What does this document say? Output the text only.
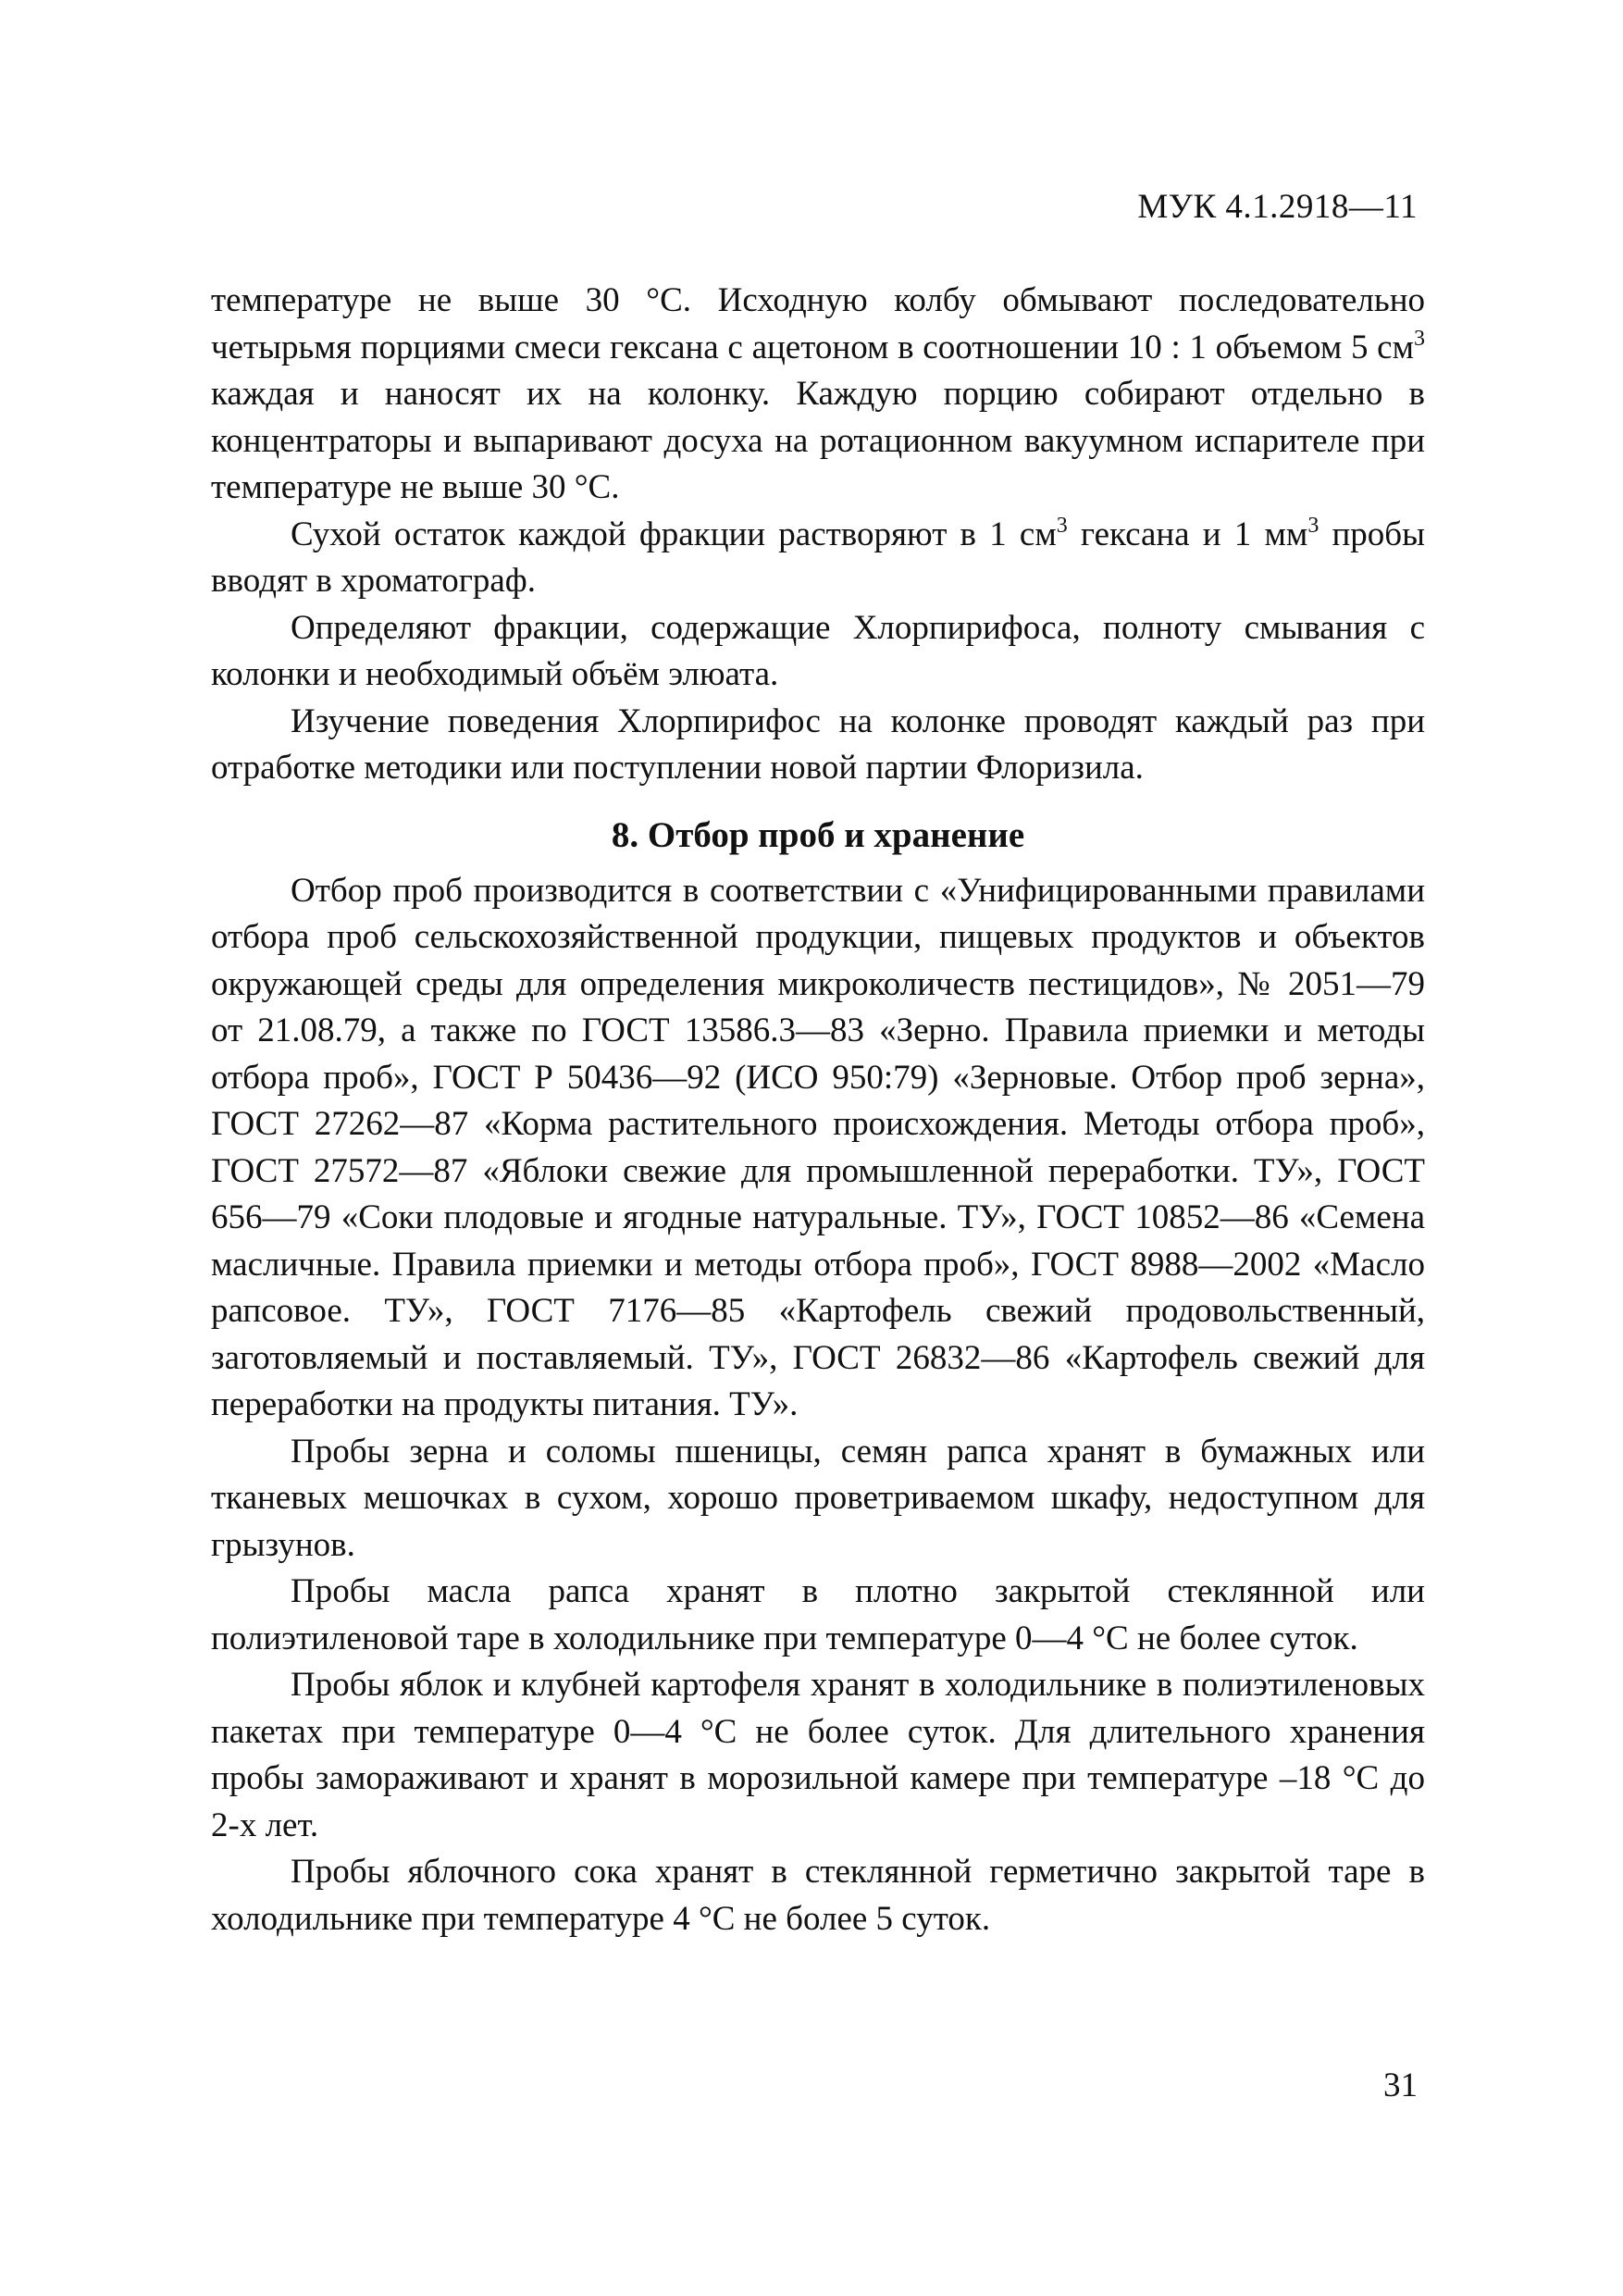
МУК 4.1.2918—11

температуре не выше 30 °С. Исходную колбу обмывают последовательно четырьмя порциями смеси гексана с ацетоном в соотношении 10 : 1 объемом 5 $см^3$ каждая и наносят их на колонку. Каждую порцию собирают отдельно в концентраторы и выпаривают досуха на ротационном вакуумном испарителе при температуре не выше 30 °С.

Сухой остаток каждой фракции растворяют в 1 $см^3$ гексана и 1 $мм^3$ пробы вводят в хроматограф.

Определяют фракции, содержащие Хлорпирифоса, полноту смывания с колонки и необходимый объём элюата.

Изучение поведения Хлорпирифос на колонке проводят каждый раз при отработке методики или поступлении новой партии Флоризила.

8. Отбор проб и хранение

Отбор проб производится в соответствии с «Унифицированными правилами отбора проб сельскохозяйственной продукции, пищевых продуктов и объектов окружающей среды для определения микроколичеств пестицидов», № 2051—79 от 21.08.79, а также по ГОСТ 13586.3—83 «Зерно. Правила приемки и методы отбора проб», ГОСТ Р 50436—92 (ИСО 950:79) «Зерновые. Отбор проб зерна», ГОСТ 27262—87 «Корма растительного происхождения. Методы отбора проб», ГОСТ 27572—87 «Яблоки свежие для промышленной переработки. ТУ», ГОСТ 656—79 «Соки плодовые и ягодные натуральные. ТУ», ГОСТ 10852—86 «Семена масличные. Правила приемки и методы отбора проб», ГОСТ 8988—2002 «Масло рапсовое. ТУ», ГОСТ 7176—85 «Картофель свежий продовольственный, заготовляемый и поставляемый. ТУ», ГОСТ 26832—86 «Картофель свежий для переработки на продукты питания. ТУ».

Пробы зерна и соломы пшеницы, семян рапса хранят в бумажных или тканевых мешочках в сухом, хорошо проветриваемом шкафу, недоступном для грызунов.

Пробы масла рапса хранят в плотно закрытой стеклянной или полиэтиленовой таре в холодильнике при температуре 0—4 °С не более суток.

Пробы яблок и клубней картофеля хранят в холодильнике в полиэтиленовых пакетах при температуре 0—4 °С не более суток. Для длительного хранения пробы замораживают и хранят в морозильной камере при температуре –18 °С до 2-х лет.

Пробы яблочного сока хранят в стеклянной герметично закрытой таре в холодильнике при температуре 4 °С не более 5 суток.

31
